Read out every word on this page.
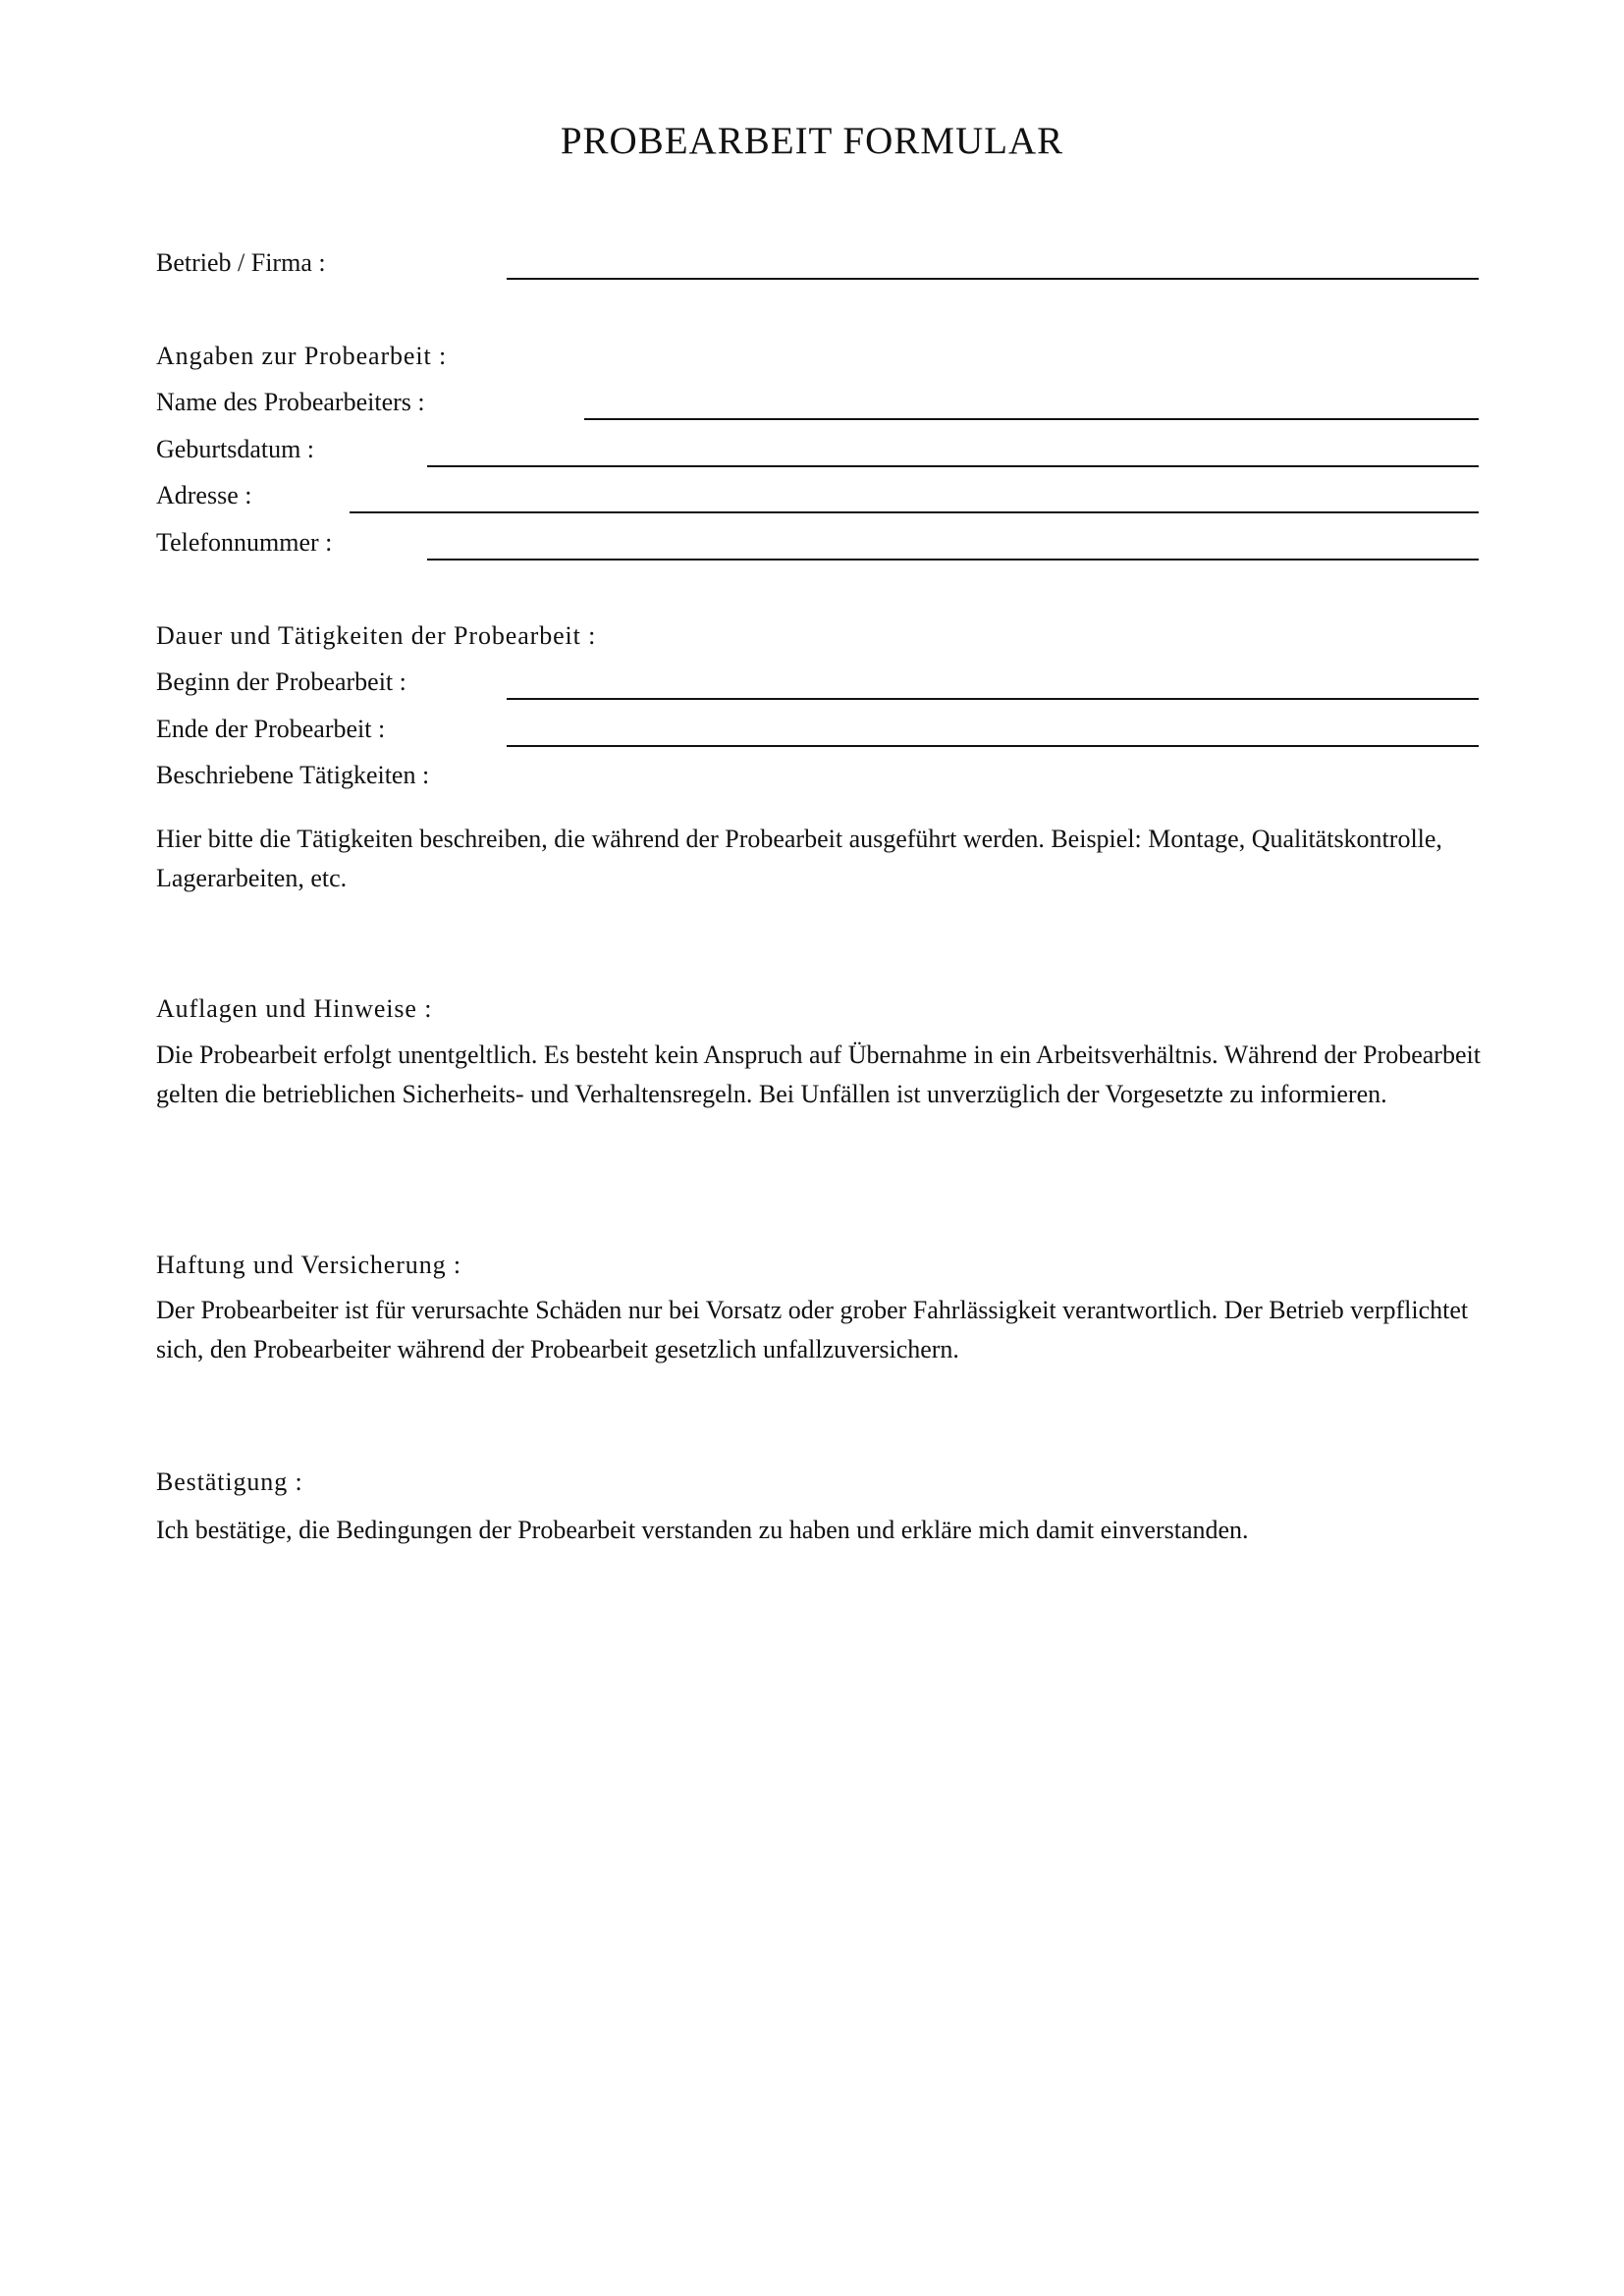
PROBEARBEIT FORMULAR
Betrieb / Firma :
Angaben zur Probearbeit :
Name des Probearbeiters :
Geburtsdatum :
Adresse :
Telefonnummer :
Dauer und Tätigkeiten der Probearbeit :
Beginn der Probearbeit :
Ende der Probearbeit :
Beschriebene Tätigkeiten :
Hier bitte die Tätigkeiten beschreiben, die während der Probearbeit ausgeführt werden. Beispiel: Montage, Qualitätskontrolle, Lagerarbeiten, etc.
Auflagen und Hinweise :
Die Probearbeit erfolgt unentgeltlich. Es besteht kein Anspruch auf Übernahme in ein Arbeitsverhältnis. Während der Probearbeit gelten die betrieblichen Sicherheits- und Verhaltensregeln. Bei Unfällen ist unverzüglich der Vorgesetzte zu informieren.
Haftung und Versicherung :
Der Probearbeiter ist für verursachte Schäden nur bei Vorsatz oder grober Fahrlässigkeit verantwortlich. Der Betrieb verpflichtet sich, den Probearbeiter während der Probearbeit gesetzlich unfallzuversichern.
Bestätigung :
Ich bestätige, die Bedingungen der Probearbeit verstanden zu haben und erkläre mich damit einverstanden.
